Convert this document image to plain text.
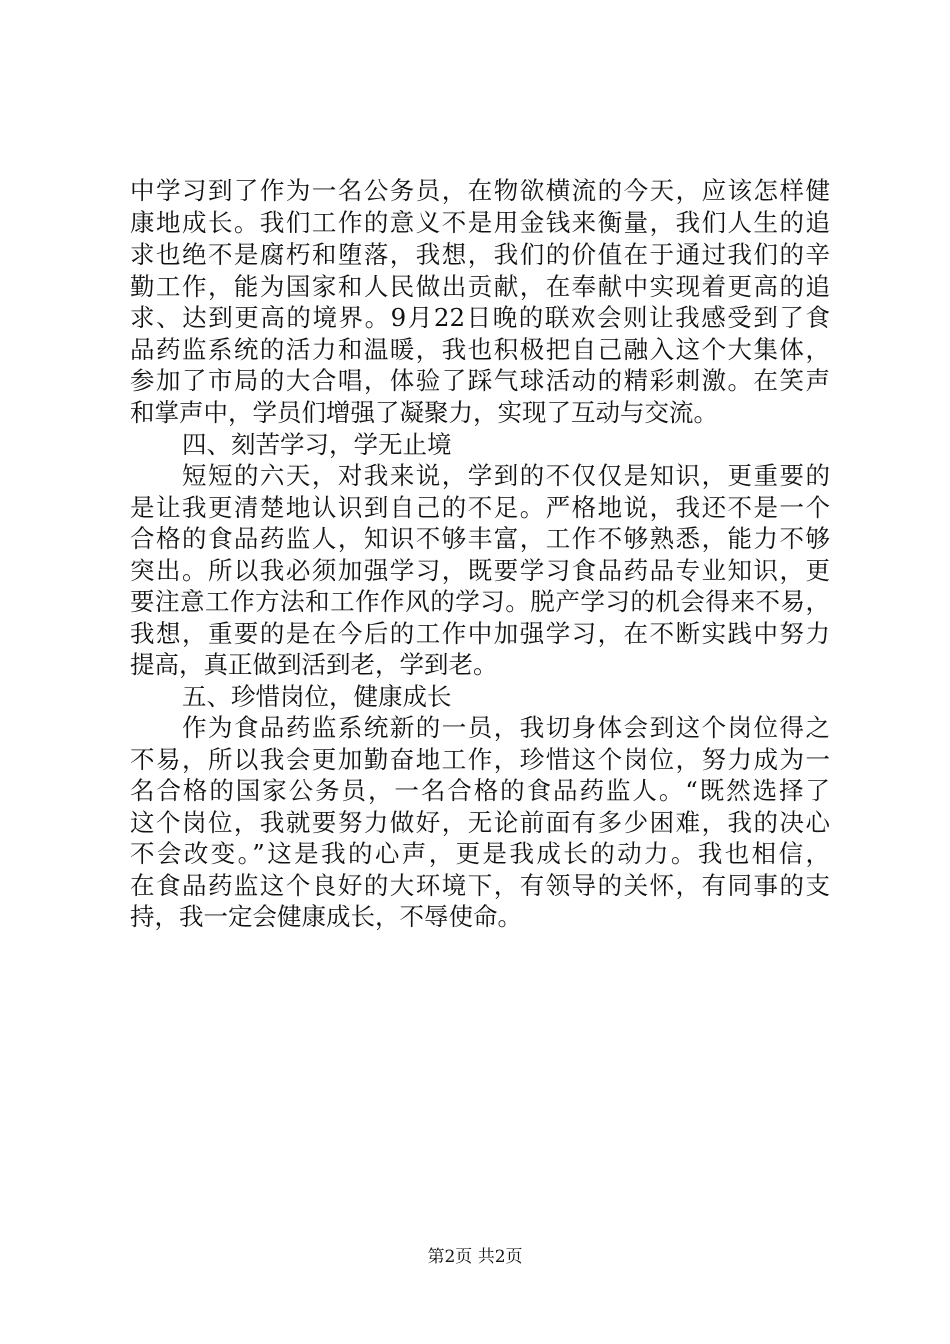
中学习到了作为一名公务员，在物欲横流的今天，应该怎样健
康地成长。我们工作的意义不是用金钱来衡量，我们人生的追
求也绝不是腐朽和堕落，我想，我们的价值在于通过我们的辛
勤工作，能为国家和人民做出贡献，在奉献中实现着更高的追
求、达到更高的境界。9月22日晚的联欢会则让我感受到了食
品药监系统的活力和温暖，我也积极把自己融入这个大集体，
参加了市局的大合唱，体验了踩气球活动的精彩刺激。在笑声
和掌声中，学员们增强了凝聚力，实现了互动与交流。
四、刻苦学习，学无止境
短短的六天，对我来说，学到的不仅仅是知识，更重要的
是让我更清楚地认识到自己的不足。严格地说，我还不是一个
合格的食品药监人，知识不够丰富，工作不够熟悉，能力不够
突出。所以我必须加强学习，既要学习食品药品专业知识，更
要注意工作方法和工作作风的学习。脱产学习的机会得来不易，
我想，重要的是在今后的工作中加强学习，在不断实践中努力
提高，真正做到活到老，学到老。
五、珍惜岗位，健康成长
作为食品药监系统新的一员，我切身体会到这个岗位得之
不易，所以我会更加勤奋地工作，珍惜这个岗位，努力成为一
名合格的国家公务员，一名合格的食品药监人。“既然选择了
这个岗位，我就要努力做好，无论前面有多少困难，我的决心
不会改变。”这是我的心声，更是我成长的动力。我也相信，
在食品药监这个良好的大环境下，有领导的关怀，有同事的支
持，我一定会健康成长，不辱使命。
第2页 共2页
